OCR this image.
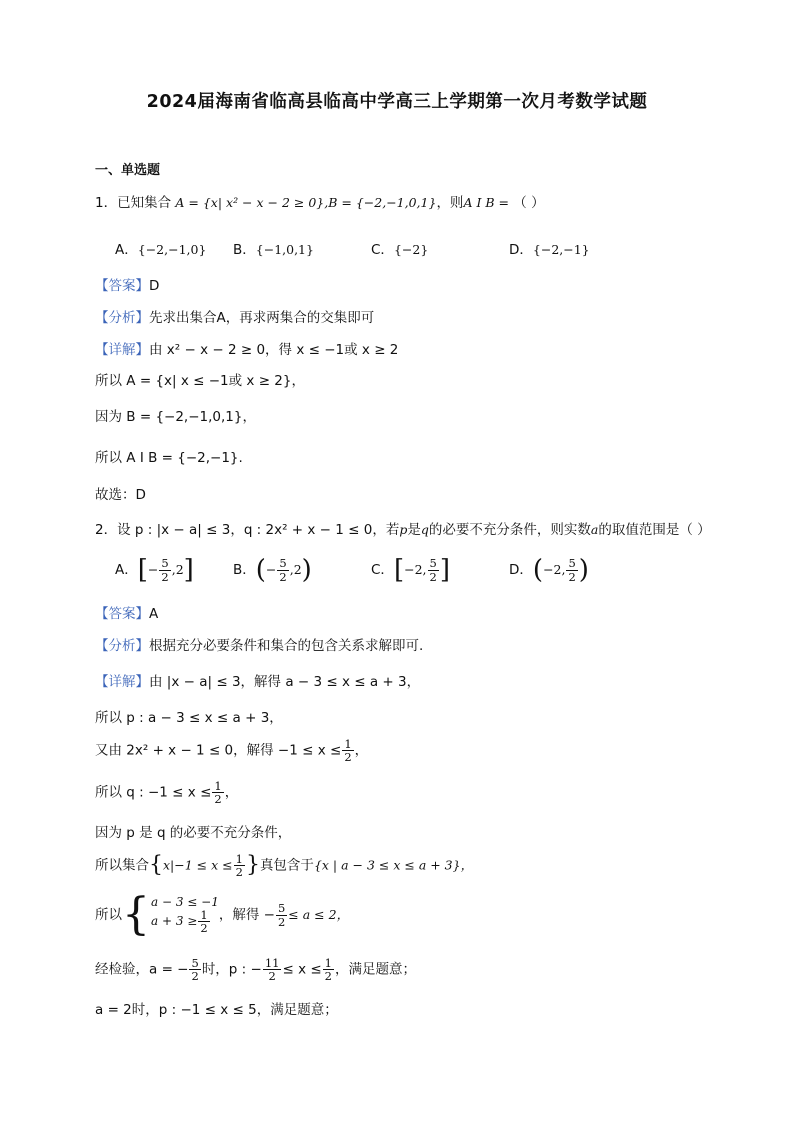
2024届海南省临高县临高中学高三上学期第一次月考数学试题
一、单选题
1．已知集合 A = {x| x² − x − 2 ≥ 0},B = {−2,−1,0,1}，则A I B = （ ）
A．{−2,−1,0} B．{−1,0,1}	C．{−2}	D．{−2,−1}
【答案】D
【分析】先求出集合A，再求两集合的交集即可
【详解】由 x² − x − 2 ≥ 0，得 x ≤ −1或 x ≥ 2
所以 A = {x| x ≤ −1或 x ≥ 2}，
因为 B = {−2,−1,0,1}，
所以 A I B = {−2,−1}.
故选：D
2．设 p : |x − a| ≤ 3，q : 2x² + x − 1 ≤ 0，若p是q的必要不充分条件，则实数a的取值范围是（ ）
A．[− $\frac{5}{2} ,2$]	B．(− $\frac{5}{2} ,2$)	C．[−2, $\frac{5}{2}$ ]	D．(−2, $\frac{5}{2}$ )
【答案】A
【分析】根据充分必要条件和集合的包含关系求解即可.
【详解】由 |x − a| ≤ 3，解得 a − 3 ≤ x ≤ a + 3，
所以 p : a − 3 ≤ x ≤ a + 3，
又由 2x² + x − 1 ≤ 0，解得 $-1 \le x \le \frac{1}{2}$ ，
所以 q : $-1 \le x \le \frac{1}{2}$ ，
因为 p 是 q 的必要不充分条件，
所以集合{$x|-1 \le x \le \frac{1}{2}$ }真包含于{x | a − 3 ≤ x ≤ a + 3}，
所以{ a − 3 ≤ −1
$a + 3 \ge \frac{1}{2}$ ，解得 − $\frac{5}{2} \le a \le 2$，
经检验，a = − $\frac{5}{2}$ 时，p : − $\frac{11}{2} \le x \le \frac{1}{2}$ ，满足题意；
a = 2时，p : −1 ≤ x ≤ 5，满足题意；
